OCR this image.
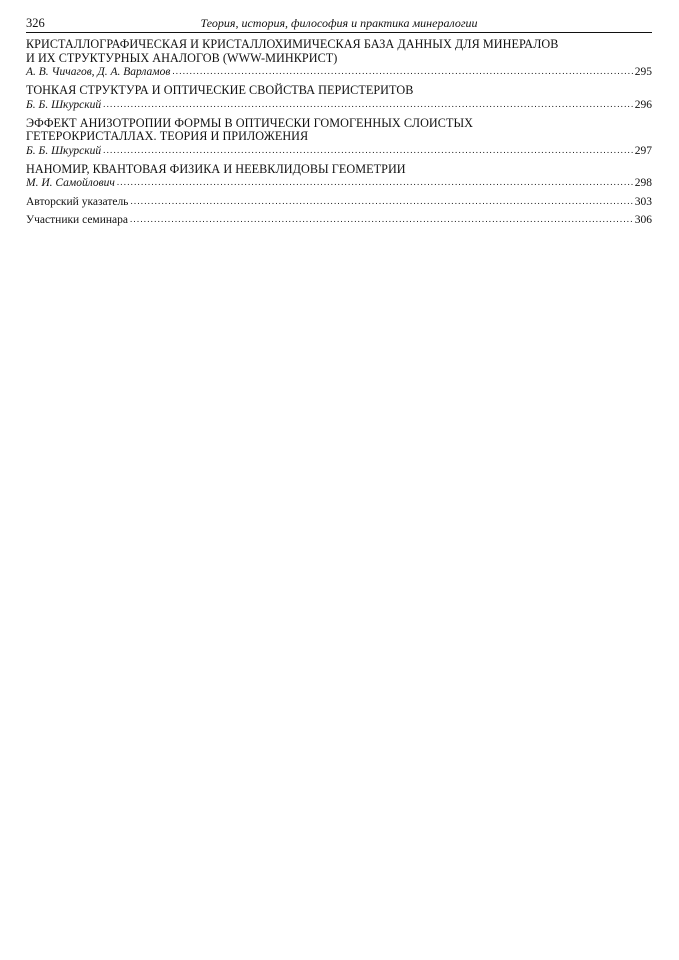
326	Теория, история, философия и практика минералогии
КРИСТАЛЛОГРАФИЧЕСКАЯ И КРИСТАЛЛОХИМИЧЕСКАЯ БАЗА ДАННЫХ ДЛЯ МИНЕРАЛОВ
И ИХ СТРУКТУРНЫХ АНАЛОГОВ (WWW-МИНКРИСТ)
А. В. Чичагов, Д. А. Варламов .....	295
ТОНКАЯ СТРУКТУРА И ОПТИЧЕСКИЕ СВОЙСТВА ПЕРИСТЕРИТОВ
Б. Б. Шкурский .....	296
ЭФФЕКТ АНИЗОТРОПИИ ФОРМЫ В ОПТИЧЕСКИ ГОМОГЕННЫХ СЛОИСТЫХ
ГЕТЕРОКРИСТАЛЛАХ. ТЕОРИЯ И ПРИЛОЖЕНИЯ
Б. Б. Шкурский .....	297
НАНОМИР, КВАНТОВАЯ ФИЗИКА И НЕЕВКЛИДОВЫ ГЕОМЕТРИИ
М. И. Самойлович .....	298
Авторский указатель .....	303
Участники семинара .....	306
